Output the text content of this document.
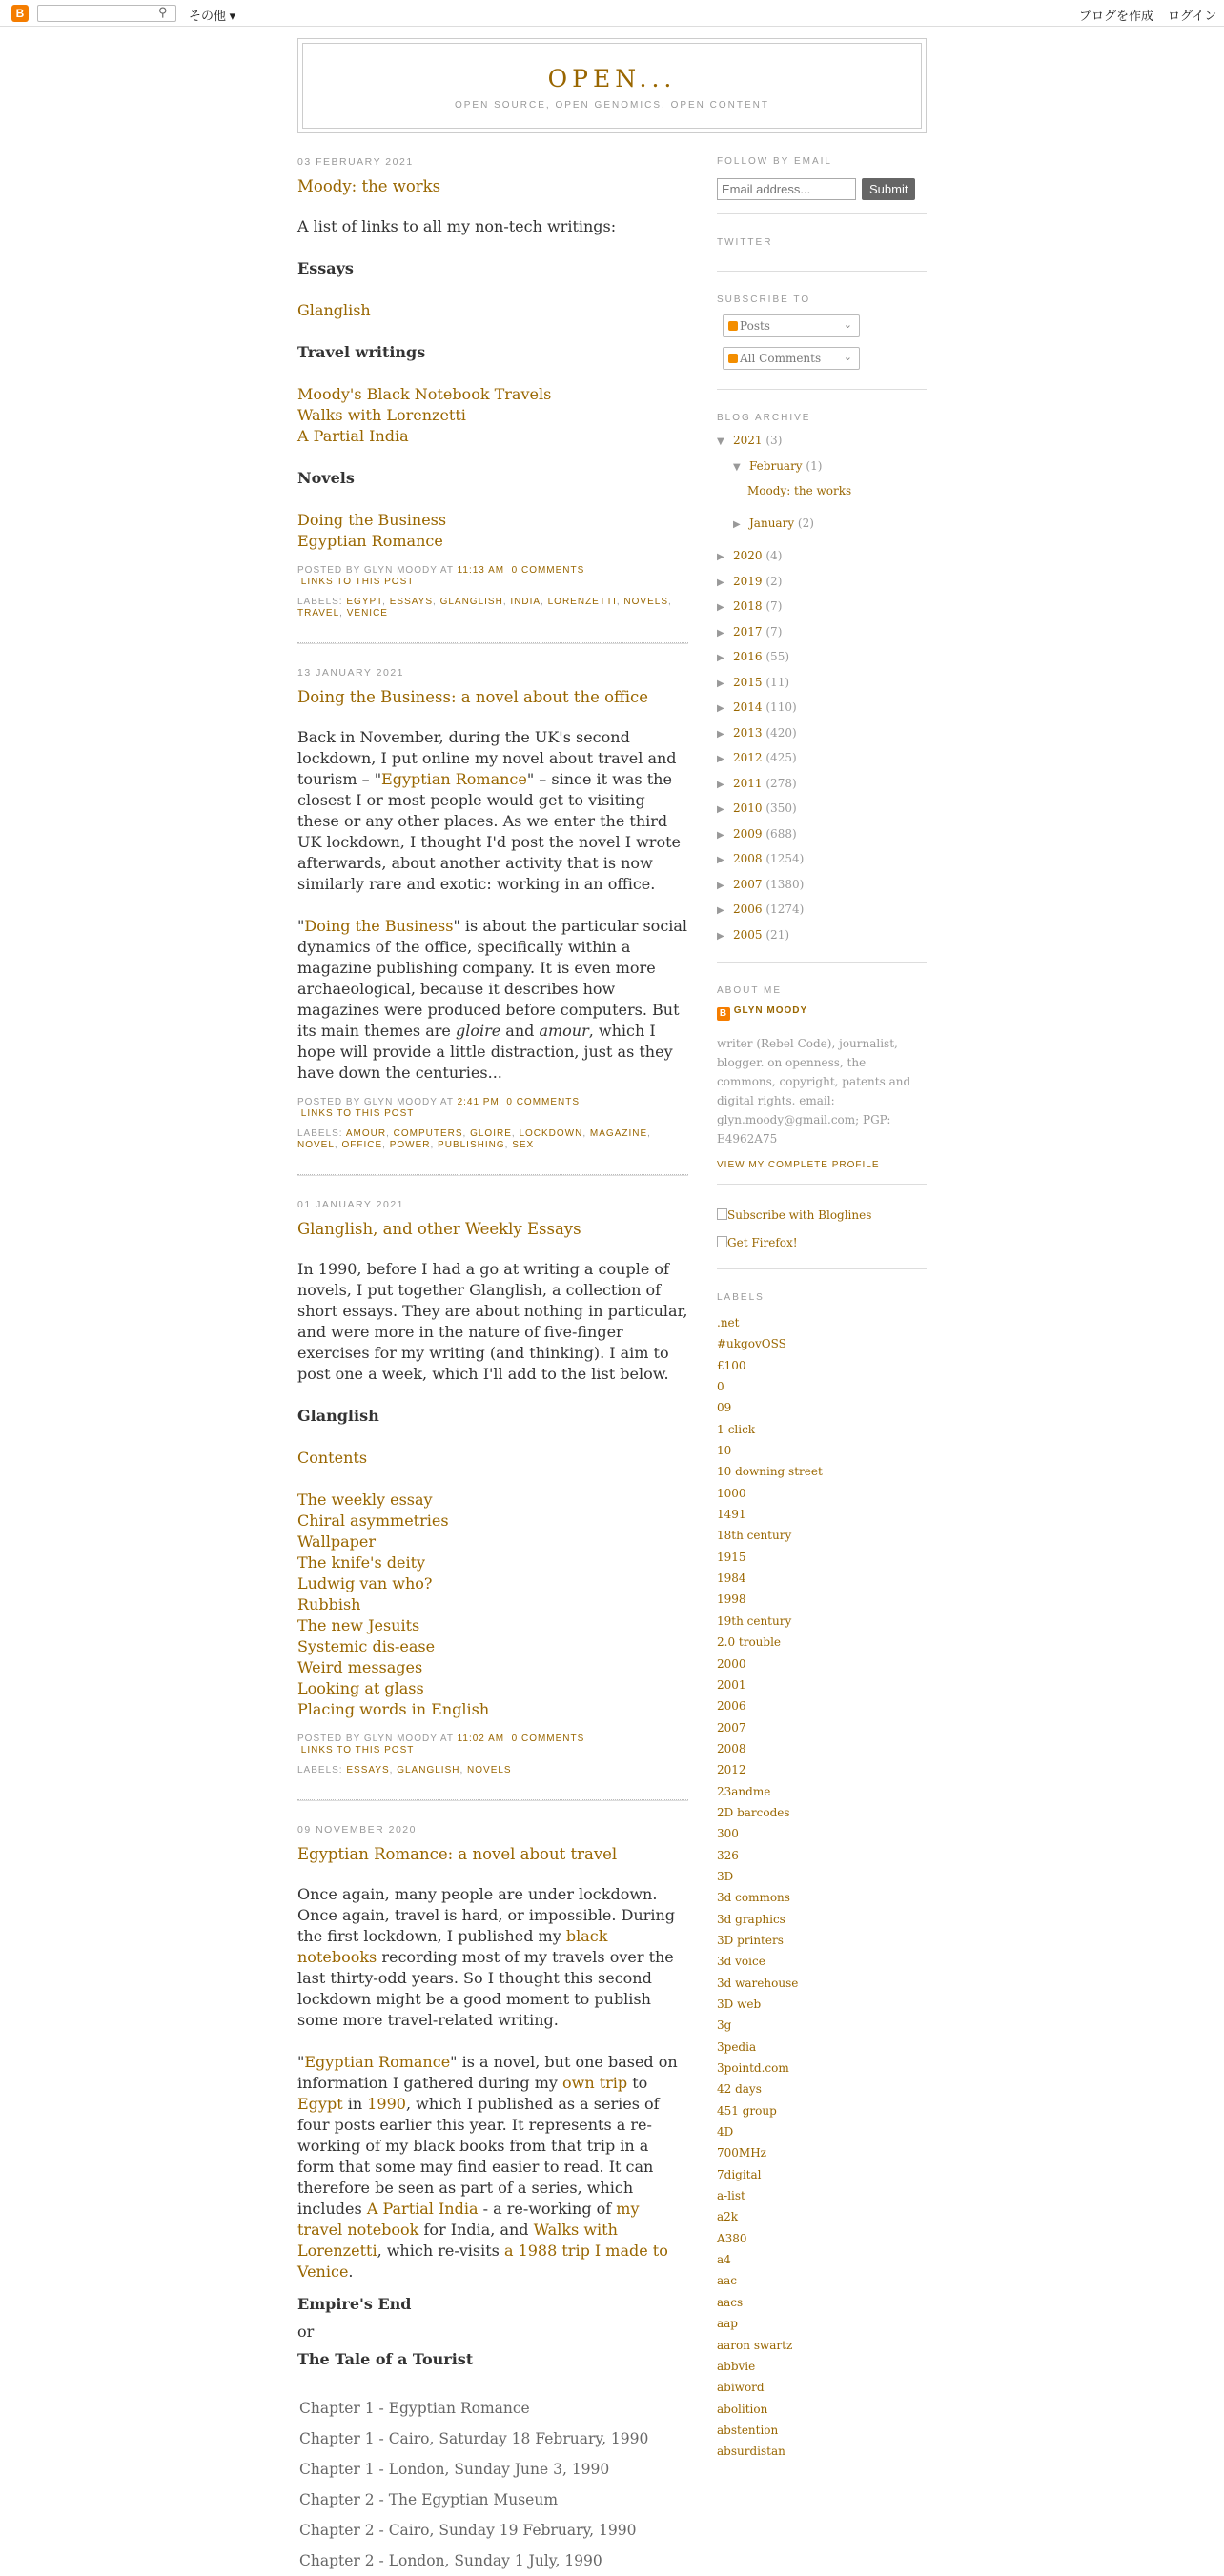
B	⚲ その他 ▾	ブログを作成 ログイン
OPEN...
OPEN SOURCE, OPEN GENOMICS, OPEN CONTENT
03 FEBRUARY 2021
Moody: the works

A list of links to all my non-tech writings:

Essays

Glanglish

Travel writings

Moody's Black Notebook Travels
Walks with Lorenzetti
A Partial India

Novels

Doing the Business
Egyptian Romance

POSTED BY GLYN MOODY AT 11:13 AM 0 COMMENTS
LINKS TO THIS POST
LABELS: EGYPT, ESSAYS, GLANGLISH, INDIA, LORENZETTI, NOVELS, TRAVEL, VENICE
13 JANUARY 2021
Doing the Business: a novel about the office

Back in November, during the UK's second lockdown, I put online my novel about travel and tourism – "Egyptian Romance" – since it was the closest I or most people would get to visiting these or any other places. As we enter the third UK lockdown, I thought I'd post the novel I wrote afterwards, about another activity that is now similarly rare and exotic: working in an office.

"Doing the Business" is about the particular social dynamics of the office, specifically within a magazine publishing company. It is even more archaeological, because it describes how magazines were produced before computers. But its main themes are gloire and amour, which I hope will provide a little distraction, just as they have down the centuries...

POSTED BY GLYN MOODY AT 2:41 PM 0 COMMENTS
LINKS TO THIS POST
LABELS: AMOUR, COMPUTERS, GLOIRE, LOCKDOWN, MAGAZINE, NOVEL, OFFICE, POWER, PUBLISHING, SEX
01 JANUARY 2021
Glanglish, and other Weekly Essays

In 1990, before I had a go at writing a couple of novels, I put together Glanglish, a collection of short essays. They are about nothing in particular, and were more in the nature of five-finger exercises for my writing (and thinking). I aim to post one a week, which I'll add to the list below.

Glanglish

Contents

The weekly essay
Chiral asymmetries
Wallpaper
The knife's deity
Ludwig van who?
Rubbish
The new Jesuits
Systemic dis-ease
Weird messages
Looking at glass
Placing words in English

POSTED BY GLYN MOODY AT 11:02 AM 0 COMMENTS
LINKS TO THIS POST
LABELS: ESSAYS, GLANGLISH, NOVELS
09 NOVEMBER 2020
Egyptian Romance: a novel about travel

Once again, many people are under lockdown. Once again, travel is hard, or impossible. During the first lockdown, I published my black notebooks recording most of my travels over the last thirty-odd years. So I thought this second lockdown might be a good moment to publish some more travel-related writing.

"Egyptian Romance" is a novel, but one based on information I gathered during my own trip to Egypt in 1990, which I published as a series of four posts earlier this year. It represents a re-working of my black books from that trip in a form that some may find easier to read. It can therefore be seen as part of a series, which includes A Partial India - a re-working of my travel notebook for India, and Walks with Lorenzetti, which re-visits a 1988 trip I made to Venice.

Empire's End
or
The Tale of a Tourist
Chapter 1 - Egyptian Romance
Chapter 1 - Cairo, Saturday 18 February, 1990
Chapter 1 - London, Sunday June 3, 1990
Chapter 2 - The Egyptian Museum
Chapter 2 - Cairo, Sunday 19 February, 1990
Chapter 2 - London, Sunday 1 July, 1990
FOLLOW BY EMAIL
Email address...	Submit
TWITTER
SUBSCRIBE TO
Posts	⌄
All Comments ⌄
BLOG ARCHIVE
▼ 2021 (3)
▼ February (1)
Moody: the works
▶ January (2)
▶ 2020 (4)
▶ 2019 (2)
▶ 2018 (7)
▶ 2017 (7)
▶ 2016 (55)
▶ 2015 (11)
▶ 2014 (110)
▶ 2013 (420)
▶ 2012 (425)
▶ 2011 (278)
▶ 2010 (350)
▶ 2009 (688)
▶ 2008 (1254)
▶ 2007 (1380)
▶ 2006 (1274)
▶ 2005 (21)
ABOUT ME
B GLYN MOODY
writer (Rebel Code), journalist, blogger. on openness, the commons, copyright, patents and digital rights. email: glyn.moody@gmail.com; PGP: E4962A75
VIEW MY COMPLETE PROFILE
Subscribe with Bloglines
Get Firefox!
LABELS
.net
#ukgovOSS
£100
0
09
1-click
10
10 downing street
1000
1491
18th century
1915
1984
1998
19th century
2.0 trouble
2000
2001
2006
2007
2008
2012
23andme
2D barcodes
300
326
3D
3d commons
3d graphics
3D printers
3d voice
3d warehouse
3D web
3g
3pedia
3pointd.com
42 days
451 group
4D
700MHz
7digital
a-list
a2k
A380
a4
aac
aacs
aap
aaron swartz
abbvie
abiword
abolition
abstention
absurdistan
